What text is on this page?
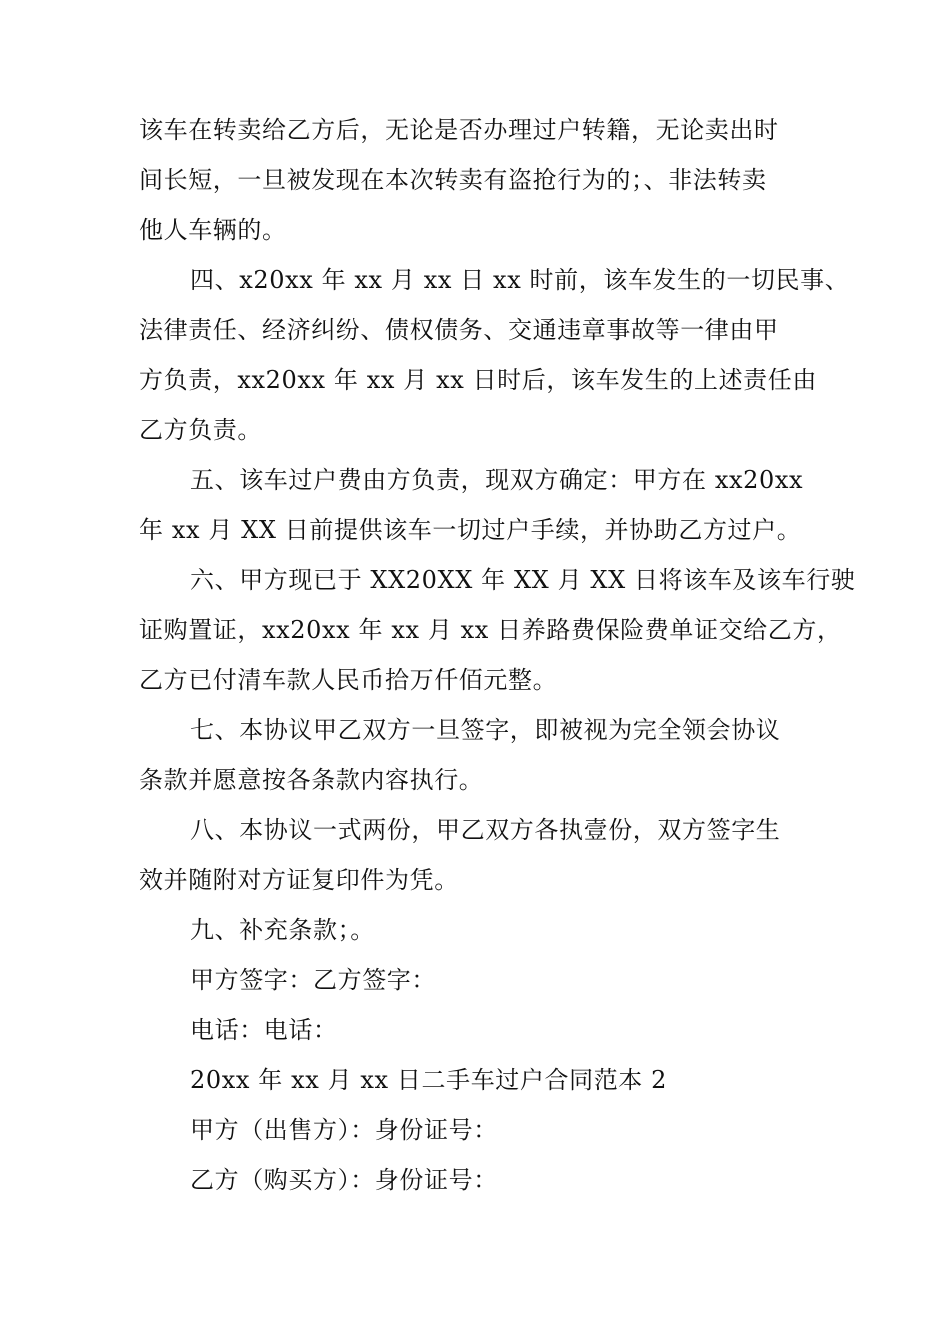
该车在转卖给乙方后，无论是否办理过户转籍，无论卖出时
间长短，一旦被发现在本次转卖有盗抢行为的；、非法转卖
他人车辆的。
四、x20xx 年 xx 月 xx 日 xx 时前，该车发生的一切民事、
法律责任、经济纠纷、债权债务、交通违章事故等一律由甲
方负责，xx20xx 年 xx 月 xx 日时后，该车发生的上述责任由
乙方负责。
五、该车过户费由方负责，现双方确定：甲方在 xx20xx
年 xx 月 XX 日前提供该车一切过户手续，并协助乙方过户。
六、甲方现已于 XX20XX 年 XX 月 XX 日将该车及该车行驶
证购置证，xx20xx 年 xx 月 xx 日养路费保险费单证交给乙方，
乙方已付清车款人民币拾万仟佰元整。
七、本协议甲乙双方一旦签字，即被视为完全领会协议
条款并愿意按各条款内容执行。
八、本协议一式两份，甲乙双方各执壹份，双方签字生
效并随附对方证复印件为凭。
九、补充条款；。
甲方签字：乙方签字：
电话：电话：
20xx 年 xx 月 xx 日二手车过户合同范本 2
甲方（出售方）：身份证号：
乙方（购买方）：身份证号：
